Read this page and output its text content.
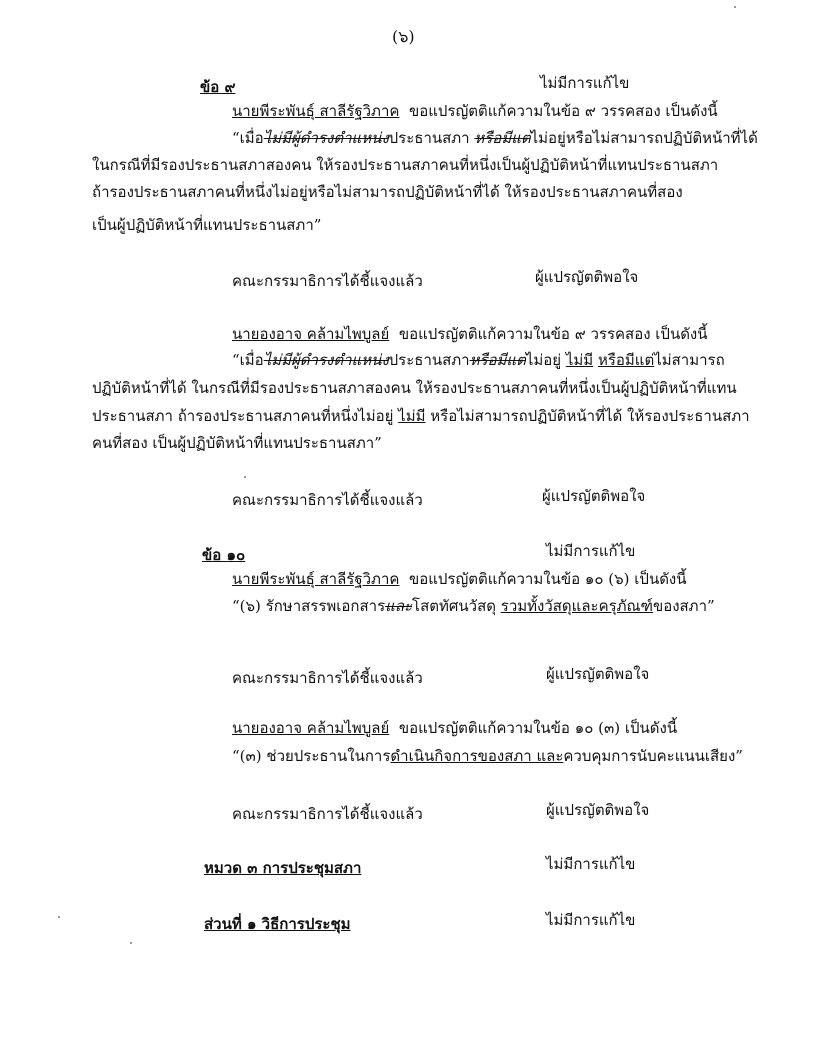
(๖)
ข้อ ๙	ไม่มีการแก้ไข
นายพีระพันธุ์ สาลีรัฐวิภาค ขอแปรญัตติแก้ความในข้อ ๙ วรรคสอง เป็นดังนี้
“เมื่อไม่มีผู้ดำรงตำแหน่งประธานสภา หรือมีแต่ไม่อยู่หรือไม่สามารถปฏิบัติหน้าที่ได้
ในกรณีที่มีรองประธานสภาสองคน ให้รองประธานสภาคนที่หนึ่งเป็นผู้ปฏิบัติหน้าที่แทนประธานสภา
ถ้ารองประธานสภาคนที่หนึ่งไม่อยู่หรือไม่สามารถปฏิบัติหน้าที่ได้ ให้รองประธานสภาคนที่สอง
เป็นผู้ปฏิบัติหน้าที่แทนประธานสภา”
คณะกรรมาธิการได้ชี้แจงแล้ว	ผู้แปรญัตติพอใจ
นายองอาจ คล้ามไพบูลย์ ขอแปรญัตติแก้ความในข้อ ๙ วรรคสอง เป็นดังนี้
“เมื่อไม่มีผู้ดำรงตำแหน่งประธานสภาหรือมีแต่ไม่อยู่ ไม่มี หรือมีแต่ไม่สามารถ
ปฏิบัติหน้าที่ได้ ในกรณีที่มีรองประธานสภาสองคน ให้รองประธานสภาคนที่หนึ่งเป็นผู้ปฏิบัติหน้าที่แทน
ประธานสภา ถ้ารองประธานสภาคนที่หนึ่งไม่อยู่ ไม่มี หรือไม่สามารถปฏิบัติหน้าที่ได้ ให้รองประธานสภา
คนที่สอง เป็นผู้ปฏิบัติหน้าที่แทนประธานสภา”
คณะกรรมาธิการได้ชี้แจงแล้ว	ผู้แปรญัตติพอใจ
ข้อ ๑๐	ไม่มีการแก้ไข
นายพีระพันธุ์ สาลีรัฐวิภาค ขอแปรญัตติแก้ความในข้อ ๑๐ (๖) เป็นดังนี้
“(๖) รักษาสรรพเอกสารและโสตทัศนวัสดุ รวมทั้งวัสดุและครุภัณฑ์ของสภา”
คณะกรรมาธิการได้ชี้แจงแล้ว	ผู้แปรญัตติพอใจ
นายองอาจ คล้ามไพบูลย์ ขอแปรญัตติแก้ความในข้อ ๑๐ (๓) เป็นดังนี้
“(๓) ช่วยประธานในการดำเนินกิจการของสภา และควบคุมการนับคะแนนเสียง”
คณะกรรมาธิการได้ชี้แจงแล้ว	ผู้แปรญัตติพอใจ
หมวด ๓ การประชุมสภา	ไม่มีการแก้ไข
ส่วนที่ ๑ วิธีการประชุม	ไม่มีการแก้ไข
